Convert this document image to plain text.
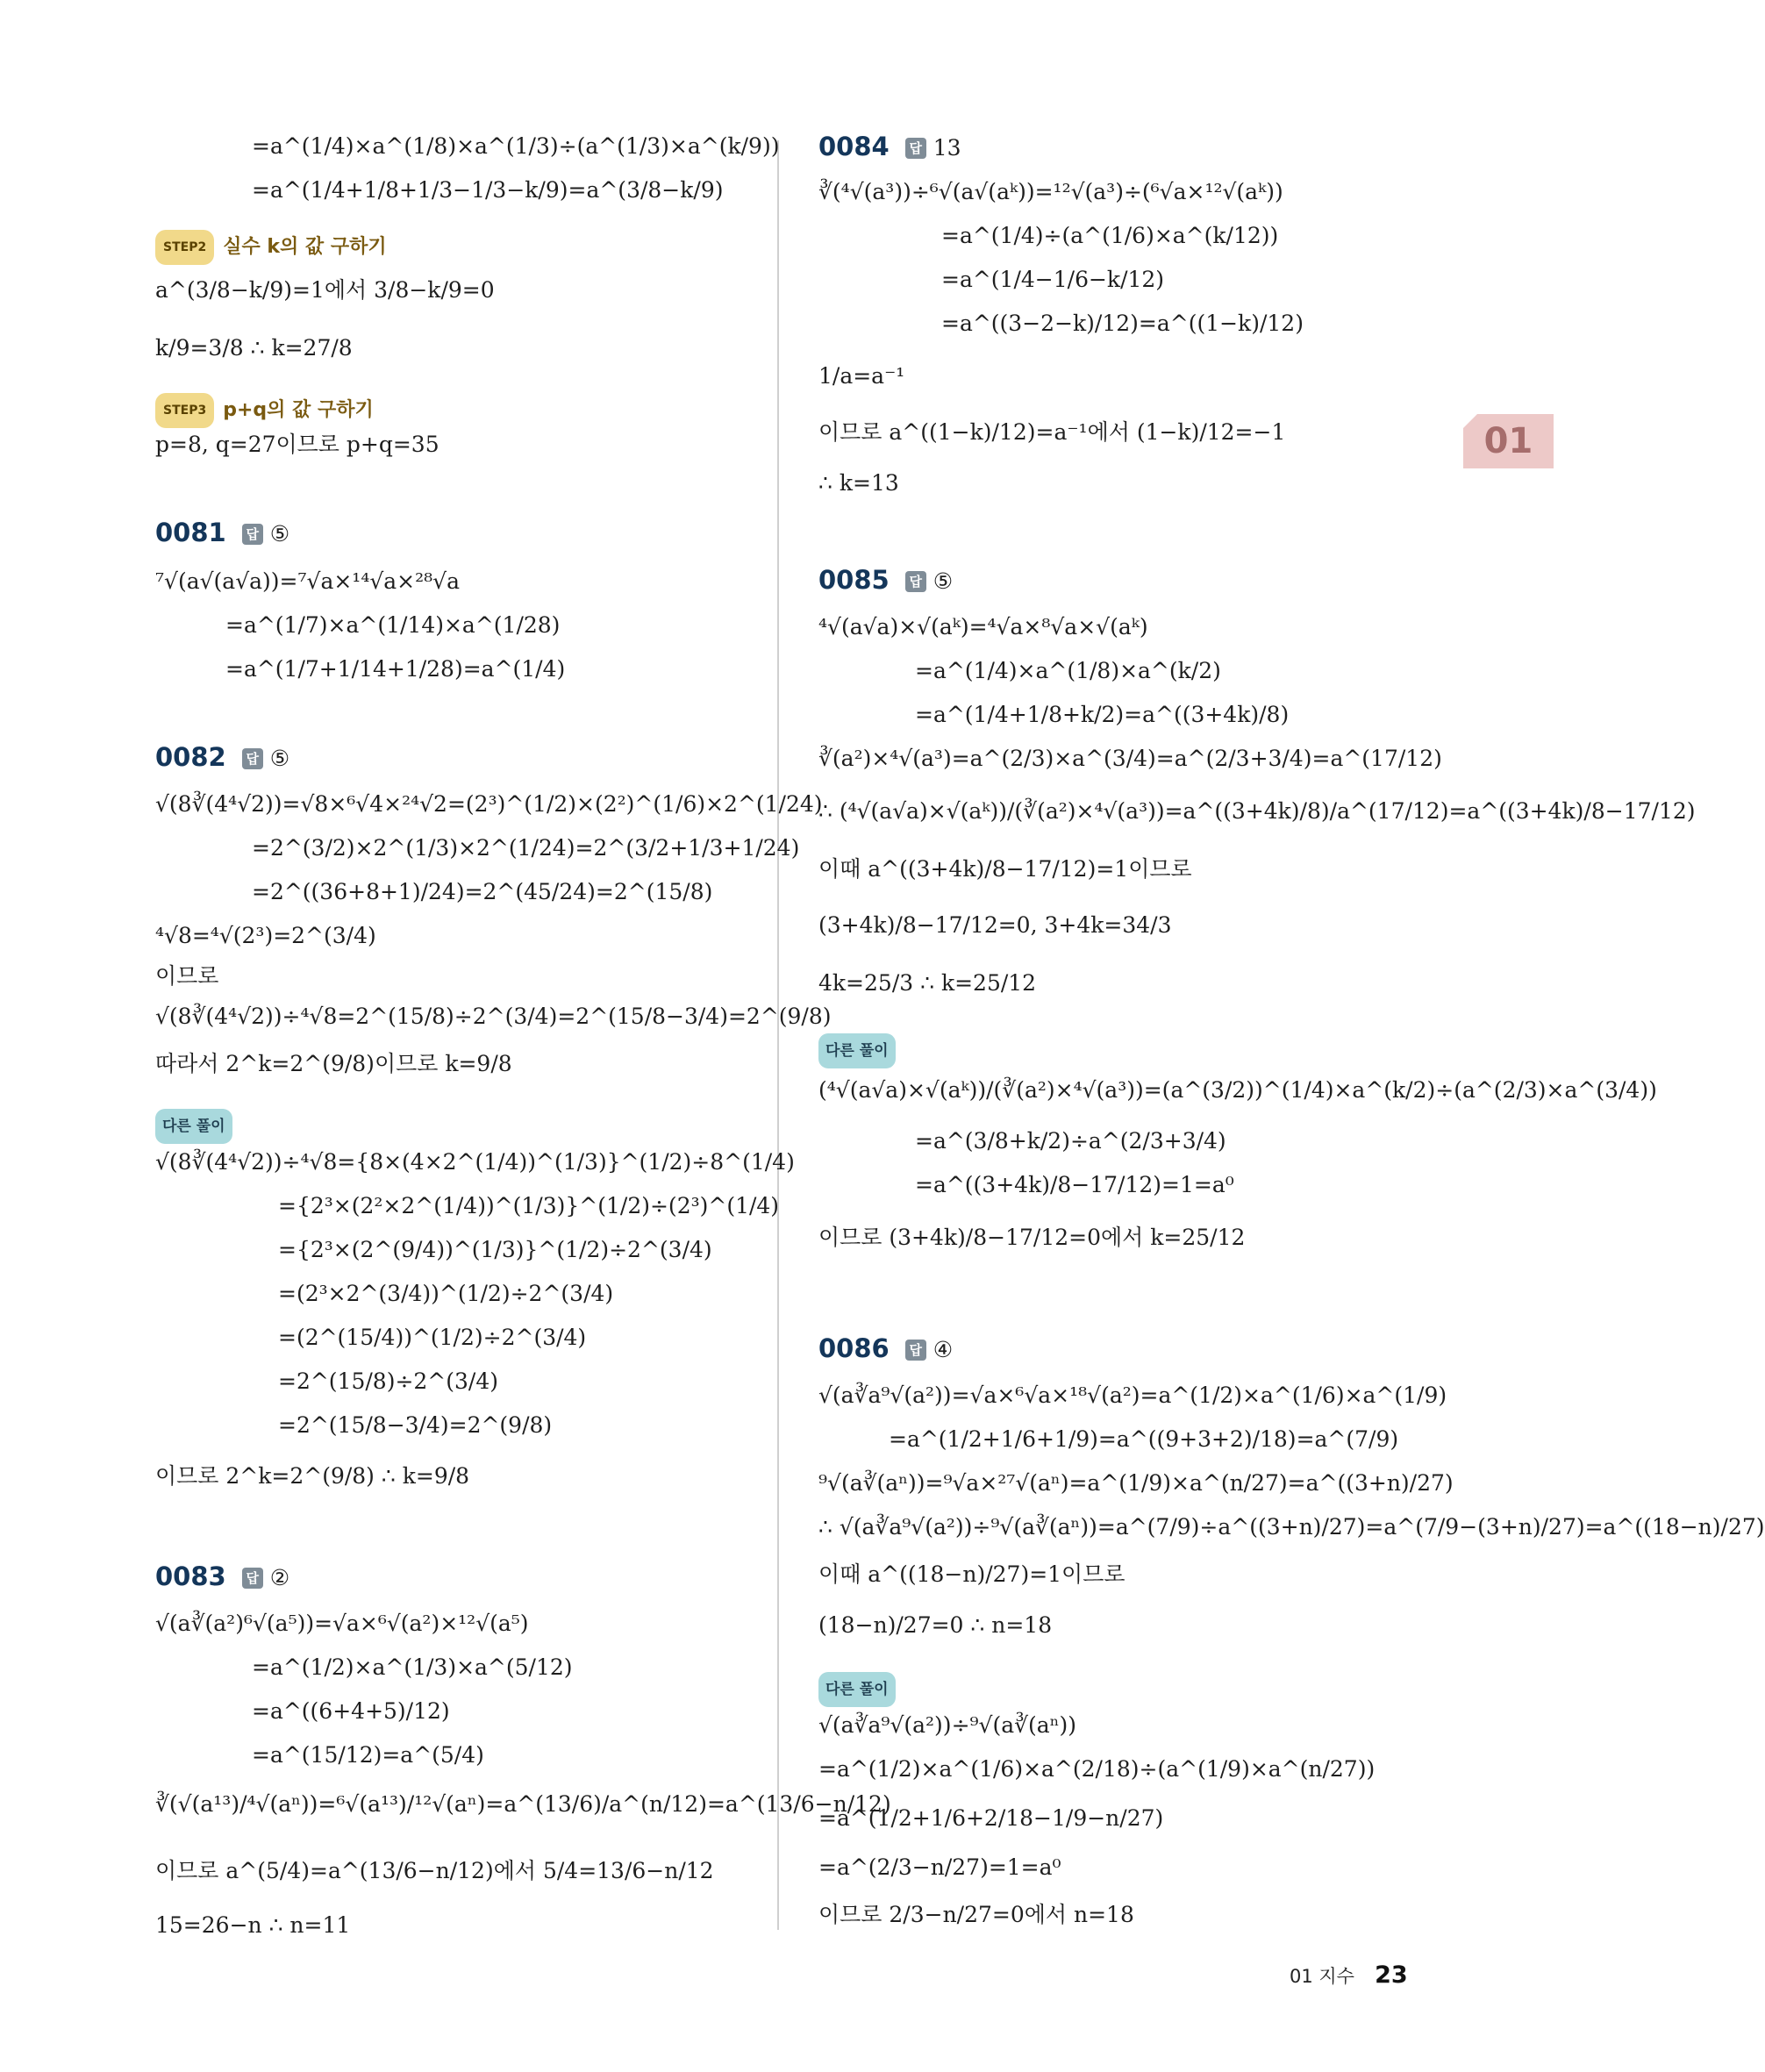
=a^(1/4)×a^(1/8)×a^(1/3)÷(a^(1/3)×a^(k/9))
=a^(1/4+1/8+1/3−1/3−k/9)=a^(3/8−k/9)
STEP2 실수 k의 값 구하기
a^(3/8−k/9)=1에서 3/8−k/9=0
k/9=3/8 ∴ k=27/8
STEP3 p+q의 값 구하기
p=8, q=27이므로 p+q=35
0081 답 ⑤
⁷√(a√(a√a))=⁷√a×¹⁴√a×²⁸√a
=a^(1/7)×a^(1/14)×a^(1/28)
=a^(1/7+1/14+1/28)=a^(1/4)
0082 답 ⑤
√(8∛(4⁴√2))=√8×⁶√4×²⁴√2=(2³)^(1/2)×(2²)^(1/6)×2^(1/24)
=2^(3/2)×2^(1/3)×2^(1/24)=2^(3/2+1/3+1/24)
=2^((36+8+1)/24)=2^(45/24)=2^(15/8)
⁴√8=⁴√(2³)=2^(3/4)
이므로
√(8∛(4⁴√2))÷⁴√8=2^(15/8)÷2^(3/4)=2^(15/8−3/4)=2^(9/8)
따라서 2^k=2^(9/8)이므로 k=9/8
다른 풀이
√(8∛(4⁴√2))÷⁴√8={8×(4×2^(1/4))^(1/3)}^(1/2)÷8^(1/4)
={2³×(2²×2^(1/4))^(1/3)}^(1/2)÷(2³)^(1/4)
={2³×(2^(9/4))^(1/3)}^(1/2)÷2^(3/4)
=(2³×2^(3/4))^(1/2)÷2^(3/4)
=(2^(15/4))^(1/2)÷2^(3/4)
=2^(15/8)÷2^(3/4)
=2^(15/8−3/4)=2^(9/8)
이므로 2^k=2^(9/8) ∴ k=9/8
0083 답 ②
√(a∛(a²)⁶√(a⁵))=√a×⁶√(a²)×¹²√(a⁵)
=a^(1/2)×a^(1/3)×a^(5/12)
=a^((6+4+5)/12)
=a^(15/12)=a^(5/4)
∛(√(a¹³)/⁴√(aⁿ))=⁶√(a¹³)/¹²√(aⁿ)=a^(13/6)/a^(n/12)=a^(13/6−n/12)
이므로 a^(5/4)=a^(13/6−n/12)에서 5/4=13/6−n/12
15=26−n ∴ n=11
0084 답 13
∛(⁴√(a³))÷⁶√(a√(aᵏ))=¹²√(a³)÷(⁶√a×¹²√(aᵏ))
=a^(1/4)÷(a^(1/6)×a^(k/12))
=a^(1/4−1/6−k/12)
=a^((3−2−k)/12)=a^((1−k)/12)
1/a=a⁻¹
이므로 a^((1−k)/12)=a⁻¹에서 (1−k)/12=−1
∴ k=13
0085 답 ⑤
⁴√(a√a)×√(aᵏ)=⁴√a×⁸√a×√(aᵏ)
=a^(1/4)×a^(1/8)×a^(k/2)
=a^(1/4+1/8+k/2)=a^((3+4k)/8)
∛(a²)×⁴√(a³)=a^(2/3)×a^(3/4)=a^(2/3+3/4)=a^(17/12)
∴ (⁴√(a√a)×√(aᵏ))/(∛(a²)×⁴√(a³))=a^((3+4k)/8)/a^(17/12)=a^((3+4k)/8−17/12)
이때 a^((3+4k)/8−17/12)=1이므로
(3+4k)/8−17/12=0, 3+4k=34/3
4k=25/3 ∴ k=25/12
다른 풀이
(⁴√(a√a)×√(aᵏ))/(∛(a²)×⁴√(a³))=(a^(3/2))^(1/4)×a^(k/2)÷(a^(2/3)×a^(3/4))
=a^(3/8+k/2)÷a^(2/3+3/4)
=a^((3+4k)/8−17/12)=1=a⁰
이므로 (3+4k)/8−17/12=0에서 k=25/12
0086 답 ④
√(a∛a⁹√(a²))=√a×⁶√a×¹⁸√(a²)=a^(1/2)×a^(1/6)×a^(1/9)
=a^(1/2+1/6+1/9)=a^((9+3+2)/18)=a^(7/9)
⁹√(a∛(aⁿ))=⁹√a×²⁷√(aⁿ)=a^(1/9)×a^(n/27)=a^((3+n)/27)
∴ √(a∛a⁹√(a²))÷⁹√(a∛(aⁿ))=a^(7/9)÷a^((3+n)/27)=a^(7/9−(3+n)/27)=a^((18−n)/27)
이때 a^((18−n)/27)=1이므로
(18−n)/27=0 ∴ n=18
다른 풀이
√(a∛a⁹√(a²))÷⁹√(a∛(aⁿ))
=a^(1/2)×a^(1/6)×a^(2/18)÷(a^(1/9)×a^(n/27))
=a^(1/2+1/6+2/18−1/9−n/27)
=a^(2/3−n/27)=1=a⁰
이므로 2/3−n/27=0에서 n=18
01
01 지수 23
